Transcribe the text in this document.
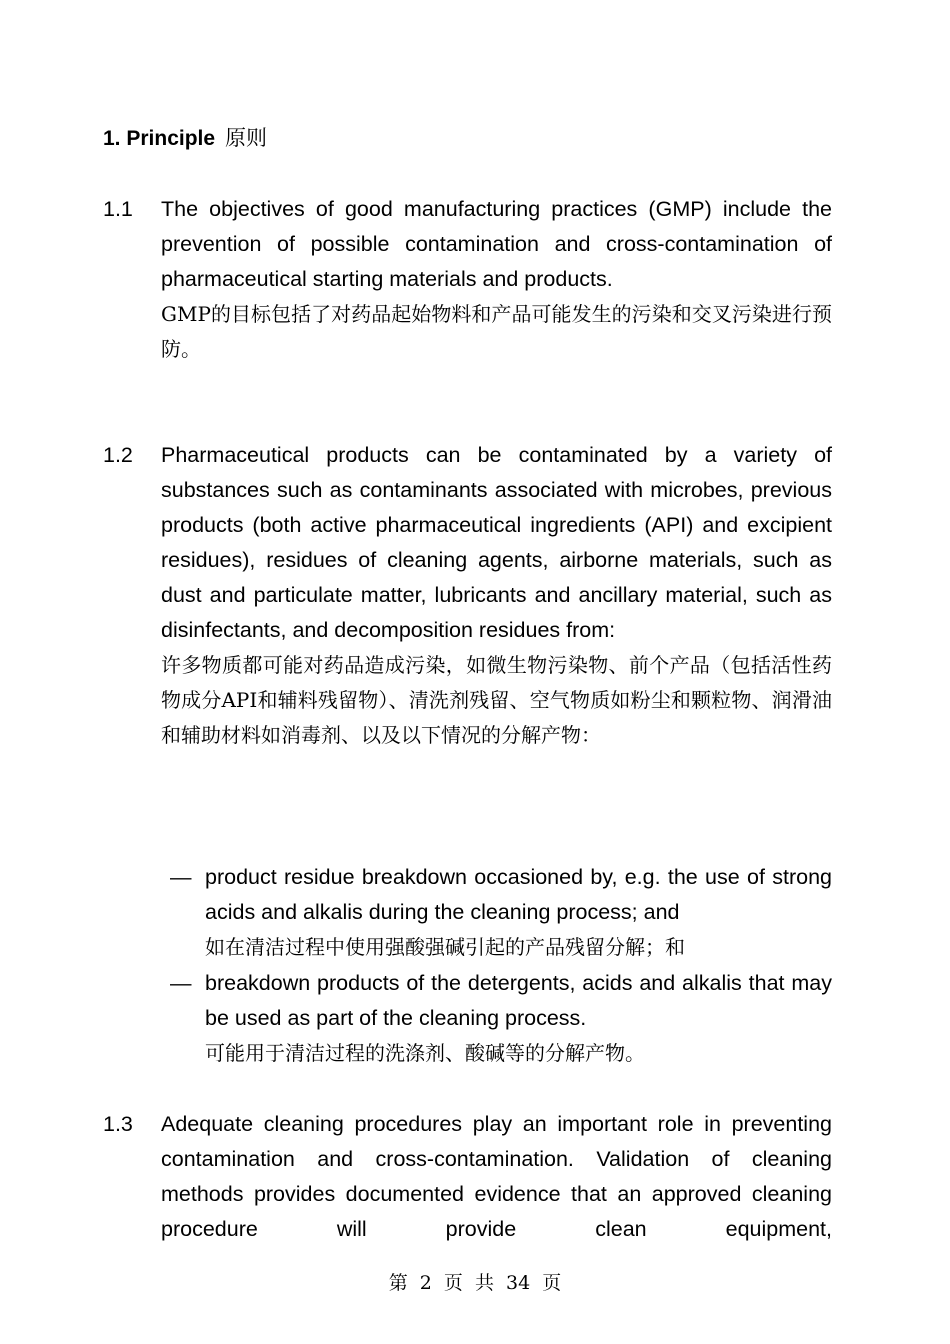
1. Principle 原则
1.1 The objectives of good manufacturing practices (GMP) include the prevention of possible contamination and cross-contamination of pharmaceutical starting materials and products.
GMP的目标包括了对药品起始物料和产品可能发生的污染和交叉污染进行预防。
1.2 Pharmaceutical products can be contaminated by a variety of substances such as contaminants associated with microbes, previous products (both active pharmaceutical ingredients (API) and excipient residues), residues of cleaning agents, airborne materials, such as dust and particulate matter, lubricants and ancillary material, such as disinfectants, and decomposition residues from:
许多物质都可能对药品造成污染，如微生物污染物、前个产品（包括活性药物成分API和辅料残留物）、清洗剂残留、空气物质如粉尘和颗粒物、润滑油和辅助材料如消毒剂、以及以下情况的分解产物：
— product residue breakdown occasioned by, e.g. the use of strong acids and alkalis during the cleaning process; and
如在清洁过程中使用强酸强碱引起的产品残留分解；和
— breakdown products of the detergents, acids and alkalis that may be used as part of the cleaning process.
可能用于清洁过程的洗涤剂、酸碱等的分解产物。
1.3 Adequate cleaning procedures play an important role in preventing contamination and cross-contamination. Validation of cleaning methods provides documented evidence that an approved cleaning procedure will provide clean equipment,
第 2 页 共 34 页
